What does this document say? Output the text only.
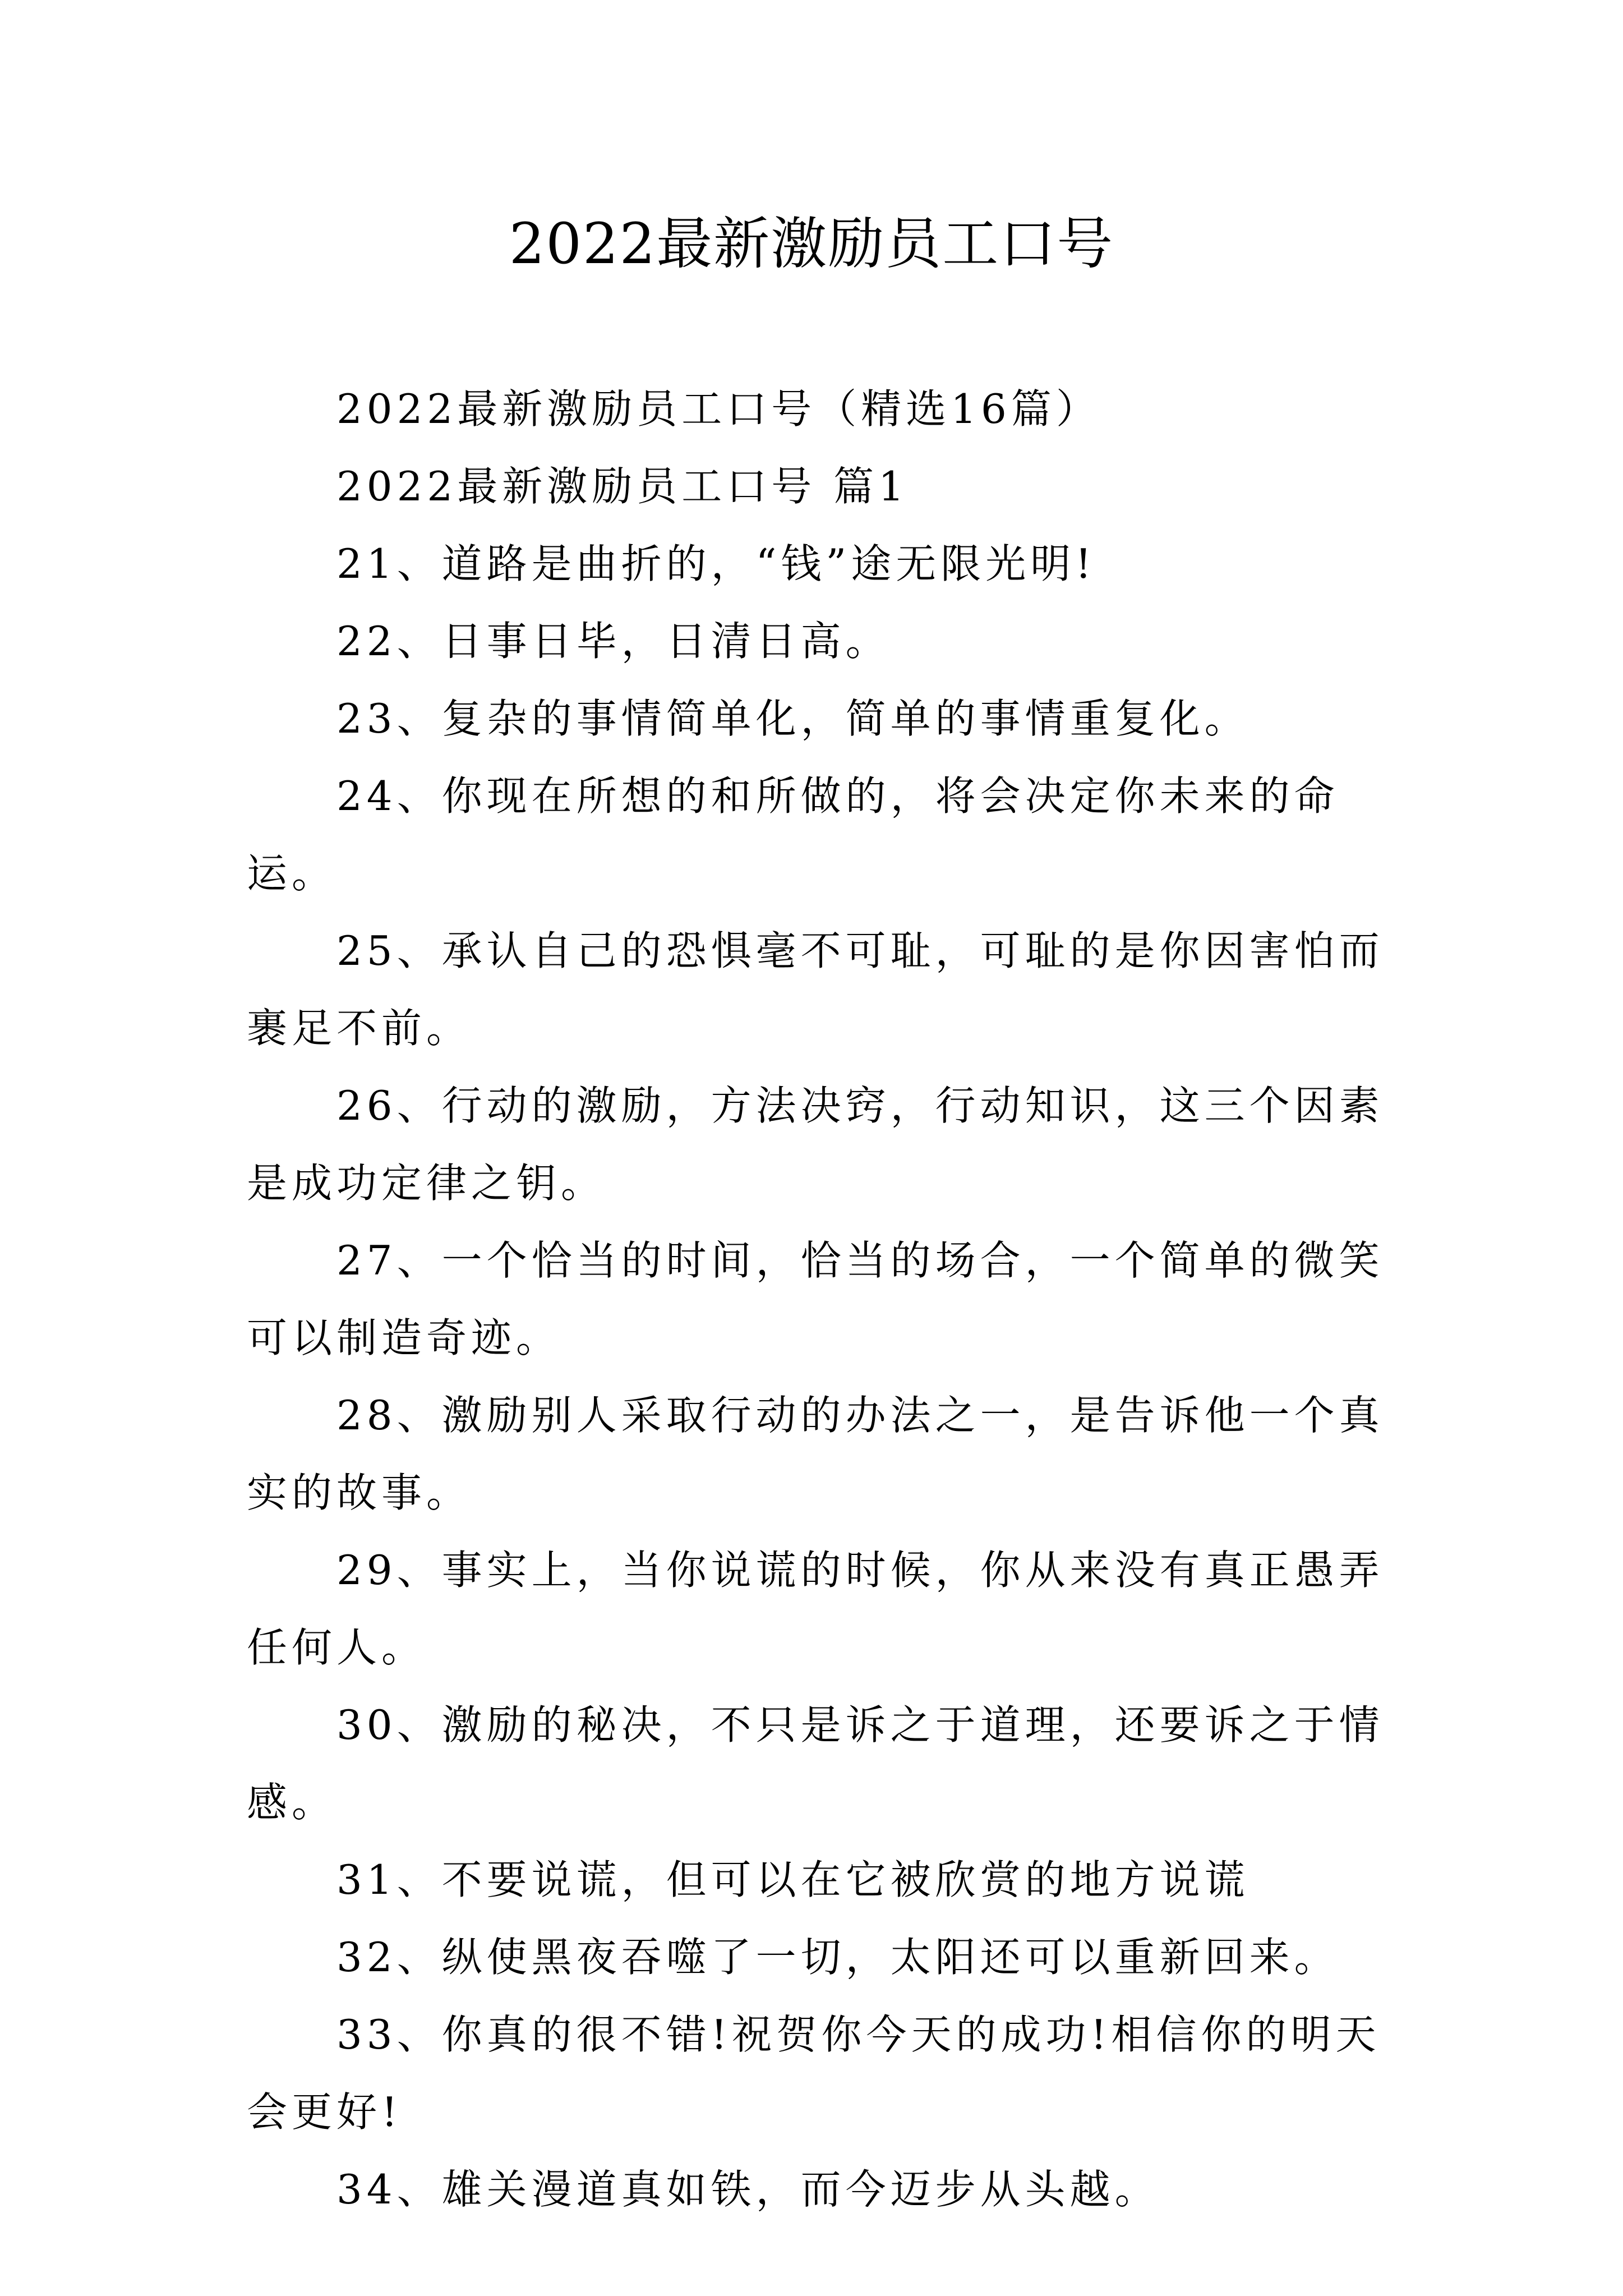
2022最新激励员工口号

2022最新激励员工口号（精选16篇）

2022最新激励员工口号 篇1

21、道路是曲折的，“钱”途无限光明!

22、日事日毕，日清日高。

23、复杂的事情简单化，简单的事情重复化。

24、你现在所想的和所做的，将会决定你未来的命运。

25、承认自己的恐惧毫不可耻，可耻的是你因害怕而裹足不前。

26、行动的激励，方法决窍，行动知识，这三个因素是成功定律之钥。

27、一个恰当的时间，恰当的场合，一个简单的微笑可以制造奇迹。

28、激励别人采取行动的办法之一，是告诉他一个真实的故事。

29、事实上，当你说谎的时候，你从来没有真正愚弄任何人。

30、激励的秘决，不只是诉之于道理，还要诉之于情感。

31、不要说谎，但可以在它被欣赏的地方说谎

32、纵使黑夜吞噬了一切，太阳还可以重新回来。

33、你真的很不错!祝贺你今天的成功!相信你的明天会更好!

34、雄关漫道真如铁，而今迈步从头越。
